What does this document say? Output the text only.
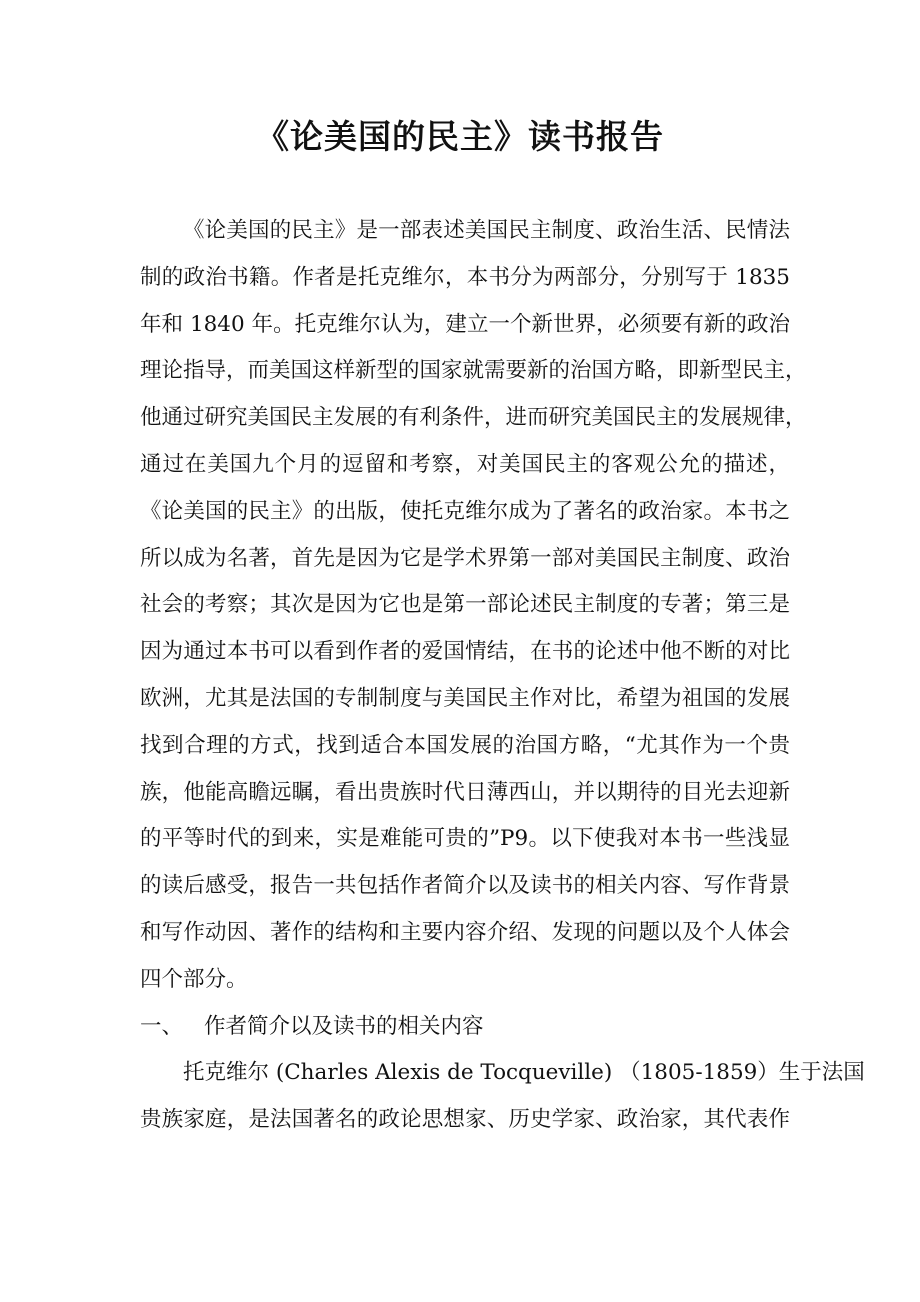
《论美国的民主》读书报告
《论美国的民主》是一部表述美国民主制度、政治生活、民情法
制的政治书籍。作者是托克维尔，本书分为两部分，分别写于 1835
年和 1840 年。托克维尔认为，建立一个新世界，必须要有新的政治
理论指导，而美国这样新型的国家就需要新的治国方略，即新型民主，
他通过研究美国民主发展的有利条件，进而研究美国民主的发展规律，
通过在美国九个月的逗留和考察，对美国民主的客观公允的描述，
《论美国的民主》的出版，使托克维尔成为了著名的政治家。本书之
所以成为名著，首先是因为它是学术界第一部对美国民主制度、政治
社会的考察；其次是因为它也是第一部论述民主制度的专著；第三是
因为通过本书可以看到作者的爱国情结，在书的论述中他不断的对比
欧洲，尤其是法国的专制制度与美国民主作对比，希望为祖国的发展
找到合理的方式，找到适合本国发展的治国方略，“尤其作为一个贵
族，他能高瞻远瞩，看出贵族时代日薄西山，并以期待的目光去迎新
的平等时代的到来，实是难能可贵的”P9。以下使我对本书一些浅显
的读后感受，报告一共包括作者简介以及读书的相关内容、写作背景
和写作动因、著作的结构和主要内容介绍、发现的问题以及个人体会
四个部分。
一、 作者简介以及读书的相关内容
托克维尔 (Charles Alexis de Tocqueville) （1805-1859）生于法国
贵族家庭，是法国著名的政论思想家、历史学家、政治家，其代表作
